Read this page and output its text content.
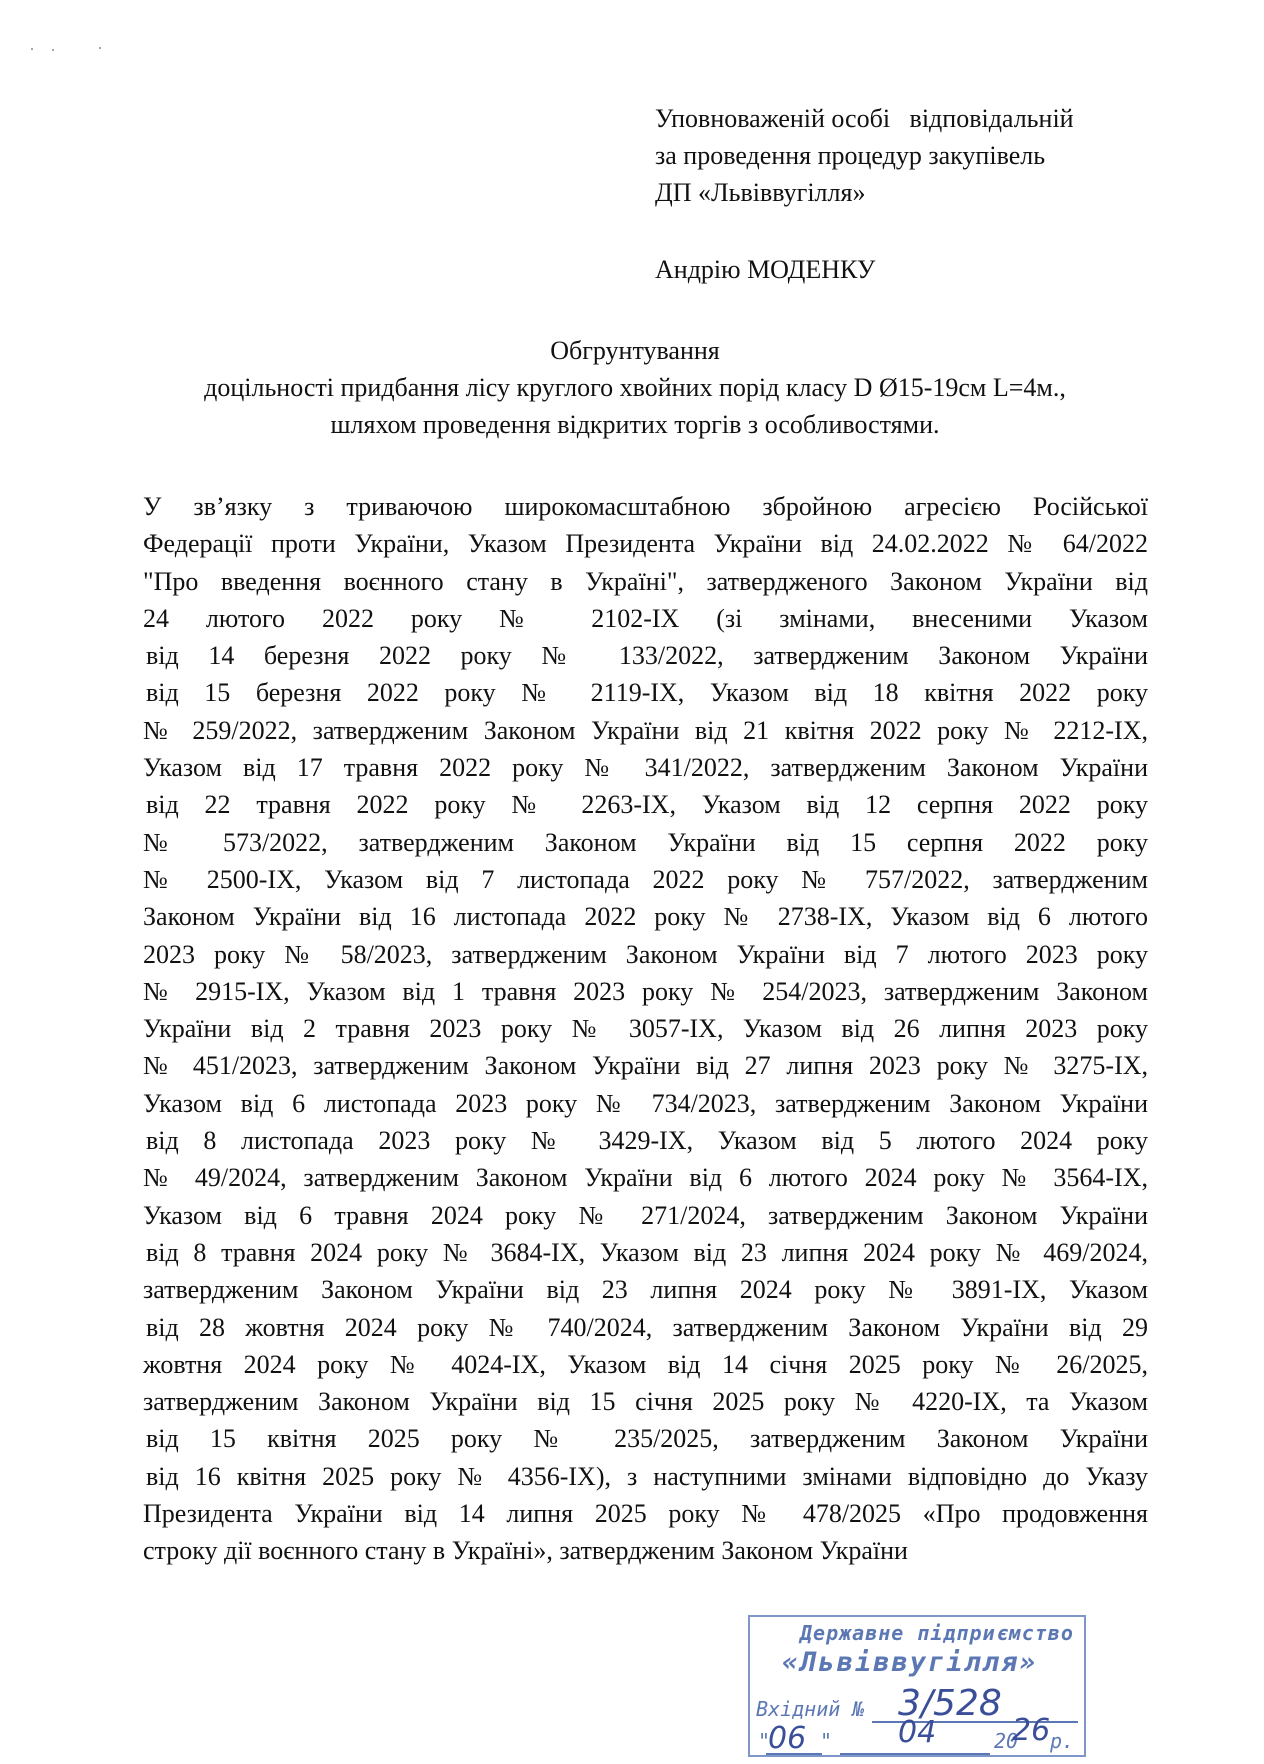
Уповноваженій особі   відповідальній
за проведення процедур закупівель
ДП «Львіввугілля»
Андрію МОДЕНКУ
Обгрунтування
доцільності придбання лісу круглого хвойних порід класу D Ø15-19см L=4м.,
шляхом проведення відкритих торгів з особливостями.
У зв’язку з триваючою широкомасштабною збройною агресією Російської
Федерації проти України, Указом Президента України від 24.02.2022 № 64/2022
"Про введення воєнного стану в Україні", затвердженого Законом України від
24 лютого 2022 року № 2102-IX (зі змінами, внесеними Указом
від 14 березня 2022 року № 133/2022, затвердженим Законом України
від 15 березня 2022 року № 2119-IX, Указом від 18 квітня 2022 року
№ 259/2022, затвердженим Законом України від 21 квітня 2022 року № 2212-IX,
Указом від 17 травня 2022 року № 341/2022, затвердженим Законом України
від 22 травня 2022 року № 2263-IX, Указом від 12 серпня 2022 року
№ 573/2022, затвердженим Законом України від 15 серпня 2022 року
№ 2500-IX, Указом від 7 листопада 2022 року № 757/2022, затвердженим
Законом України від 16 листопада 2022 року № 2738-IX, Указом від 6 лютого
2023 року № 58/2023, затвердженим Законом України від 7 лютого 2023 року
№ 2915-IX, Указом від 1 травня 2023 року № 254/2023, затвердженим Законом
України від 2 травня 2023 року № 3057-IX, Указом від 26 липня 2023 року
№ 451/2023, затвердженим Законом України від 27 липня 2023 року № 3275-IX,
Указом від 6 листопада 2023 року № 734/2023, затвердженим Законом України
від 8 листопада 2023 року № 3429-IX, Указом від 5 лютого 2024 року
№ 49/2024, затвердженим Законом України від 6 лютого 2024 року № 3564-IX,
Указом від 6 травня 2024 року № 271/2024, затвердженим Законом України
від 8 травня 2024 року № 3684-IX, Указом від 23 липня 2024 року № 469/2024,
затвердженим Законом України від 23 липня 2024 року № 3891-IX, Указом
від 28 жовтня 2024 року № 740/2024, затвердженим Законом України від 29
жовтня 2024 року № 4024-IX, Указом від 14 січня 2025 року № 26/2025,
затвердженим Законом України від 15 січня 2025 року № 4220-IX, та Указом
від 15 квітня 2025 року № 235/2025, затвердженим Законом України
від 16 квітня 2025 року № 4356-IX), з наступними змінами відповідно до Указу
Президента України від 14 липня 2025 року № 478/2025 «Про продовження
строку дії воєнного стану в Україні», затвердженим Законом України
Державне підприємство
«Львіввугілля»
Вхідний № 3/528
"
06 " 04	20
26 р.
